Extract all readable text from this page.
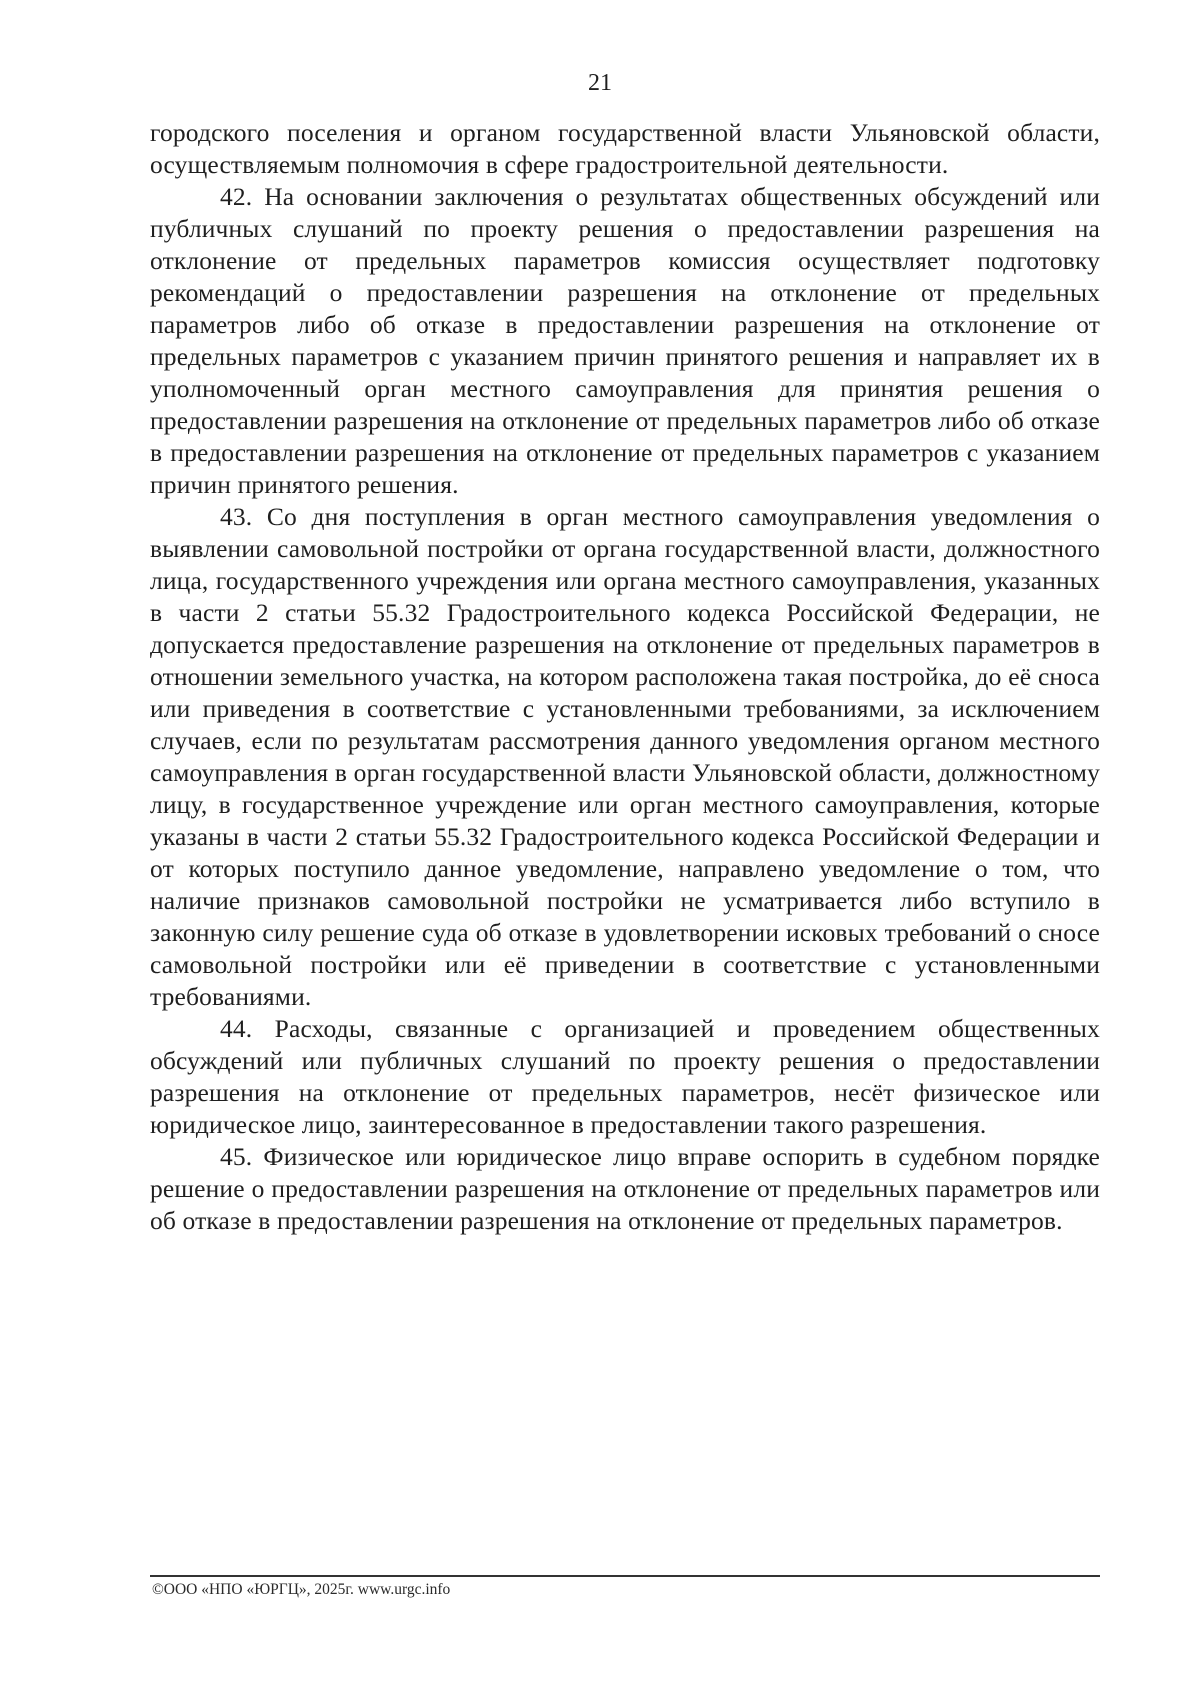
21

городского поселения и органом государственной власти Ульяновской области, осуществляемым полномочия в сфере градостроительной деятельности.

42. На основании заключения о результатах общественных обсуждений или публичных слушаний по проекту решения о предоставлении разрешения на отклонение от предельных параметров комиссия осуществляет подготовку рекомендаций о предоставлении разрешения на отклонение от предельных параметров либо об отказе в предоставлении разрешения на отклонение от предельных параметров с указанием причин принятого решения и направляет их в уполномоченный орган местного самоуправления для принятия решения о предоставлении разрешения на отклонение от предельных параметров либо об отказе в предоставлении разрешения на отклонение от предельных параметров с указанием причин принятого решения.

43. Со дня поступления в орган местного самоуправления уведомления о выявлении самовольной постройки от органа государственной власти, должностного лица, государственного учреждения или органа местного самоуправления, указанных в части 2 статьи 55.32 Градостроительного кодекса Российской Федерации, не допускается предоставление разрешения на отклонение от предельных параметров в отношении земельного участка, на котором расположена такая постройка, до её сноса или приведения в соответствие с установленными требованиями, за исключением случаев, если по результатам рассмотрения данного уведомления органом местного самоуправления в орган государственной власти Ульяновской области, должностному лицу, в государственное учреждение или орган местного самоуправления, которые указаны в части 2 статьи 55.32 Градостроительного кодекса Российской Федерации и от которых поступило данное уведомление, направлено уведомление о том, что наличие признаков самовольной постройки не усматривается либо вступило в законную силу решение суда об отказе в удовлетворении исковых требований о сносе самовольной постройки или её приведении в соответствие с установленными требованиями.

44. Расходы, связанные с организацией и проведением общественных обсуждений или публичных слушаний по проекту решения о предоставлении разрешения на отклонение от предельных параметров, несёт физическое или юридическое лицо, заинтересованное в предоставлении такого разрешения.

45. Физическое или юридическое лицо вправе оспорить в судебном порядке решение о предоставлении разрешения на отклонение от предельных параметров или об отказе в предоставлении разрешения на отклонение от предельных параметров.

©ООО «НПО «ЮРГЦ», 2025г. www.urgc.info
